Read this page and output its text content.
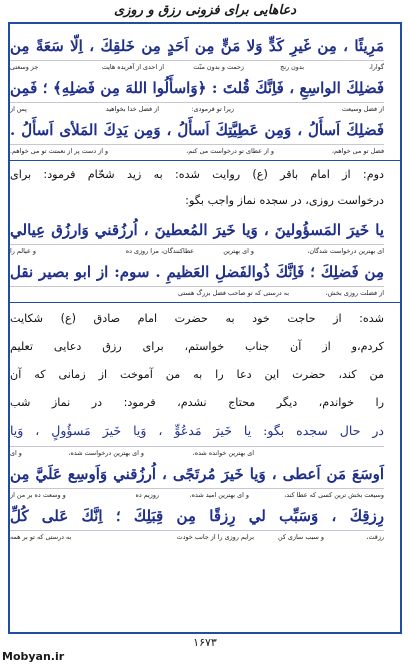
دعاهایی برای فزونی رزق و روزی
مَرِيئًا ، مِن غَيرِ كَدٍّ وَلا مَنٍّ مِن اَحَدٍ مِن خَلقِكَ ، اِلّا سَعَةً مِن
گوارا،
بدون رنج
زحمت و بدون منّت
از احدی از آفریده هایت
جز وسعتی
فَضلِكَ الواسِعِ ، فَاِنَّكَ قُلتَ : ﴿وَاسأَلُوا اللهَ مِن فَضلِهِ﴾ ؛ فَمِن
از فضل وسیعت
زیرا تو فرمودی:
از فضل خدا بخواهید
پس از
فَضلِكَ اَسأَلُ ، وَمِن عَطِيَّتِكَ اَسأَلُ ، وَمِن يَدِكَ المَلأى اَسأَلُ .
فضل تو می خواهم،
و از عطای تو درخواست می کنم،
و از دست پر از نعمتت تو می خواهم.
دوم: از امام باقر (ع) روایت شده: به زید شحّام فرمود: برای
درخواست روزی، در سجده نماز واجب بگو:
يا خَيرَ المَسؤُولينَ ، وَيا خَيرَ المُعطينَ ، اُرزُقني وَارزُق عِيالي
ای بهترین درخواست شدگان،
و ای بهترین
عطاکنندگان، مرا روزی ده
و عیالم را
مِن فَضلِكَ ؛ فَاِنَّكَ ذُوالفَضلِ العَظيمِ . سوم: از ابو بصير نقل
از فضلت روزی بخش،
به درستی که تو صاحب فضل بزرگ هستی
شده: از حاجت خود به حضرت امام صادق (ع) شکایت
کردم،و از آن جناب خواستم، برای رزق دعایی تعلیم
من کند، حضرت این دعا را به من آموخت از زمانی که آن
را خواندم، دیگر محتاج نشدم، فرمود: در نماز شب
در حال سجده بگو: يا خَيرَ مَدعُوٍّ ، وَيا خَيرَ مَسؤُولٍ ، وَيا
ای بهترین خوانده شده،
و ای بهترین درخواست شده،
و ای
اَوسَعَ مَن اَعطى ، وَيا خَيرَ مُرتَجًى ، اُرزُقني وَاَوسِع عَلَيَّ مِن
وسیعت بخش ترین کسی که عطا کند،
و ای بهترین امید شده،
روزیم ده
و وسعت ده بر من از
رِزقِكَ ، وَسَبِّب لي رِزقًا مِن قِبَلِكَ ؛ اِنَّكَ عَلى كُلِّ
رزقت،
و سبب سازی کن
برایم روزی را از جانب خودت
به درستی که تو بر همه
۱۶۷۳
Mobyan.ir
